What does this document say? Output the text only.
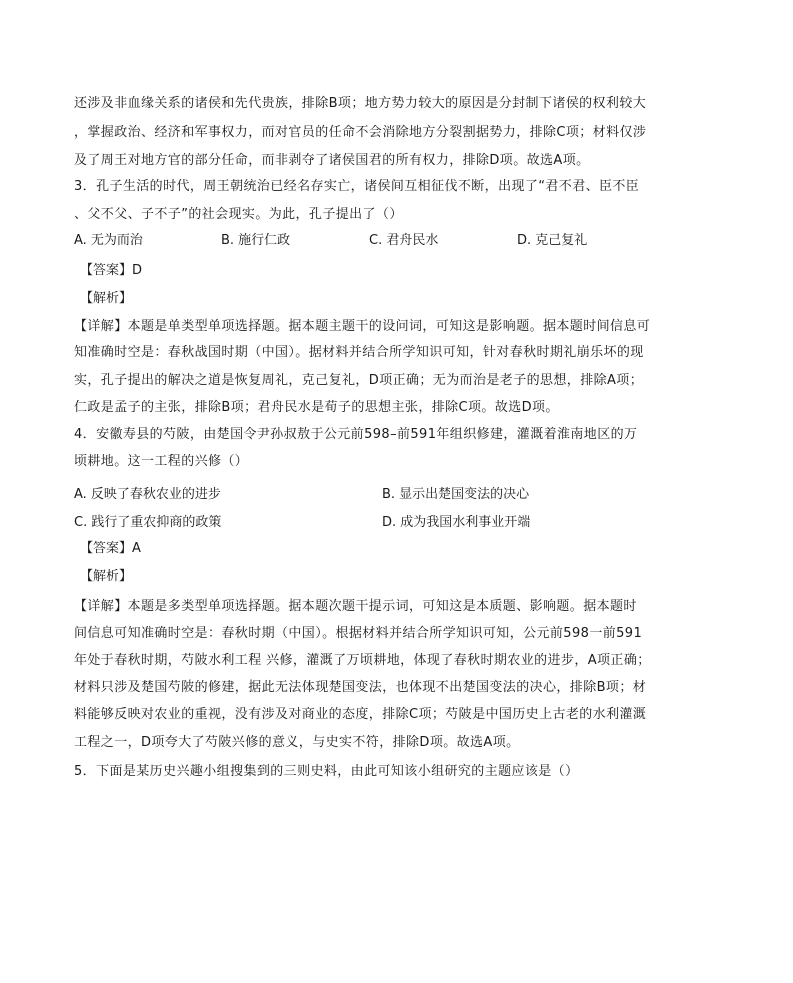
还涉及非血缘关系的诸侯和先代贵族，排除B项；地方势力较大的原因是分封制下诸侯的权利较大
，掌握政治、经济和军事权力，而对官员的任命不会消除地方分裂割据势力，排除C项；材料仅涉
及了周王对地方官的部分任命，而非剥夺了诸侯国君的所有权力，排除D项。故选A项。
3．孔子生活的时代，周王朝统治已经名存实亡，诸侯间互相征伐不断，出现了“君不君、臣不臣
、父不父、子不子”的社会现实。为此，孔子提出了（）
A. 无为而治	B. 施行仁政	C. 君舟民水	D. 克己复礼
【答案】D
【解析】
【详解】本题是单类型单项选择题。据本题主题干的设问词，可知这是影响题。据本题时间信息可
知准确时空是：春秋战国时期（中国）。据材料并结合所学知识可知，针对春秋时期礼崩乐坏的现
实，孔子提出的解决之道是恢复周礼，克己复礼，D项正确；无为而治是老子的思想，排除A项；
仁政是孟子的主张，排除B项；君舟民水是荀子的思想主张，排除C项。故选D项。
4．安徽寿县的芍陂，由楚国令尹孙叔敖于公元前598–前591年组织修建，灌溉着淮南地区的万
顷耕地。这一工程的兴修（）
A. 反映了春秋农业的进步	B. 显示出楚国变法的决心
C. 践行了重农抑商的政策	D. 成为我国水利事业开端
【答案】A
【解析】
【详解】本题是多类型单项选择题。据本题次题干提示词，可知这是本质题、影响题。据本题时
间信息可知准确时空是：春秋时期（中国）。根据材料并结合所学知识可知，公元前598一前591
年处于春秋时期，芍陂水利工程 兴修，灌溉了万顷耕地，体现了春秋时期农业的进步，A项正确；
材料只涉及楚国芍陂的修建，据此无法体现楚国变法，也体现不出楚国变法的决心，排除B项；材
料能够反映对农业的重视，没有涉及对商业的态度，排除C项；芍陂是中国历史上古老的水利灌溉
工程之一，D项夸大了芍陂兴修的意义，与史实不符，排除D项。故选A项。
5．下面是某历史兴趣小组搜集到的三则史料，由此可知该小组研究的主题应该是（）
